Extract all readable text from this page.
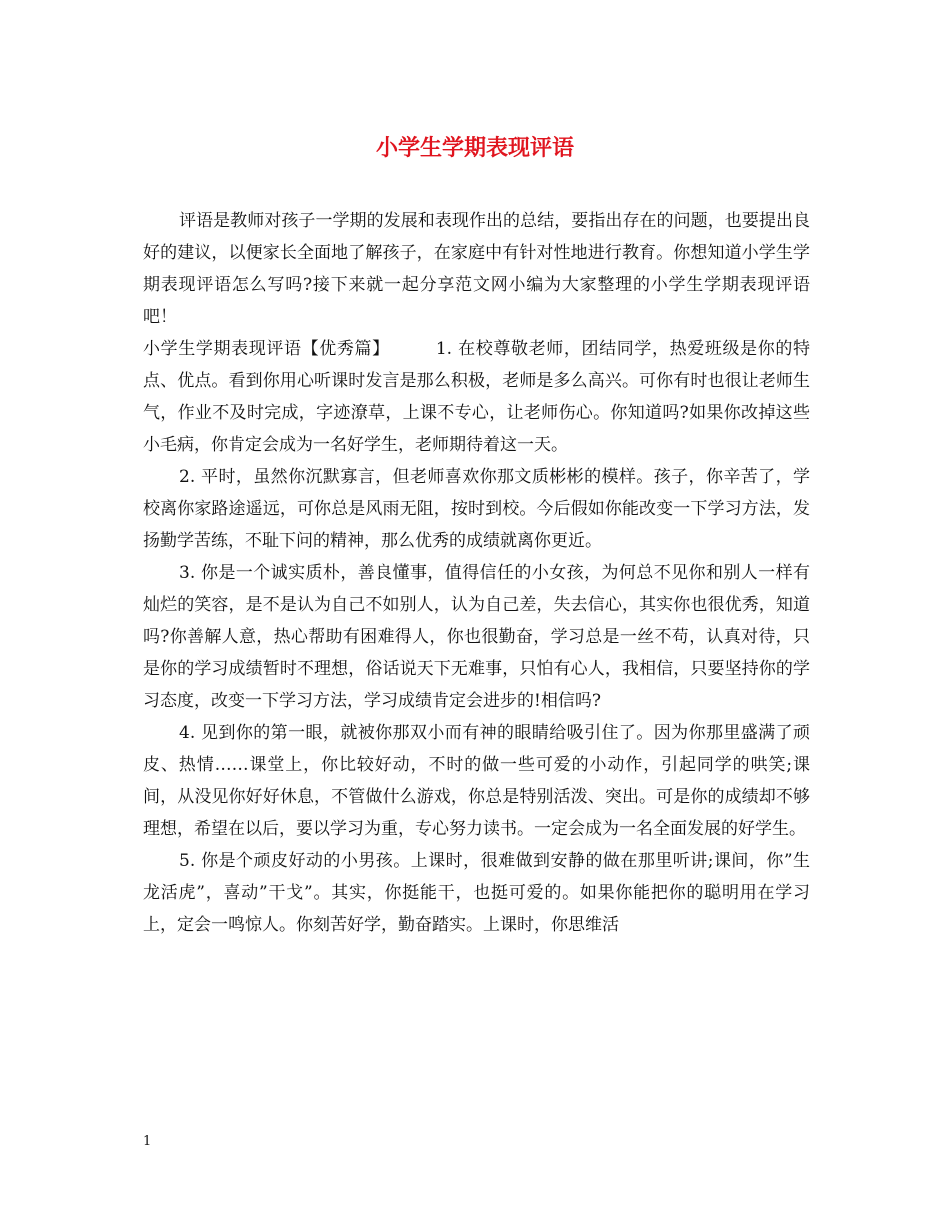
小学生学期表现评语

评语是教师对孩子一学期的发展和表现作出的总结，要指出存在的问题，也要提出良好的建议，以便家长全面地了解孩子，在家庭中有针对性地进行教育。你想知道小学生学期表现评语怎么写吗?接下来就一起分享范文网小编为大家整理的小学生学期表现评语吧！

小学生学期表现评语【优秀篇】	1. 在校尊敬老师，团结同学，热爱班级是你的特点、优点。看到你用心听课时发言是那么积极，老师是多么高兴。可你有时也很让老师生气，作业不及时完成，字迹潦草，上课不专心，让老师伤心。你知道吗?如果你改掉这些小毛病，你肯定会成为一名好学生，老师期待着这一天。

2. 平时，虽然你沉默寡言，但老师喜欢你那文质彬彬的模样。孩子，你辛苦了，学校离你家路途遥远，可你总是风雨无阻，按时到校。今后假如你能改变一下学习方法，发扬勤学苦练，不耻下问的精神，那么优秀的成绩就离你更近。

3. 你是一个诚实质朴，善良懂事，值得信任的小女孩，为何总不见你和别人一样有灿烂的笑容，是不是认为自己不如别人，认为自己差，失去信心，其实你也很优秀，知道吗?你善解人意，热心帮助有困难得人，你也很勤奋，学习总是一丝不苟，认真对待，只是你的学习成绩暂时不理想，俗话说天下无难事，只怕有心人，我相信，只要坚持你的学习态度，改变一下学习方法，学习成绩肯定会进步的!相信吗?

4. 见到你的第一眼，就被你那双小而有神的眼睛给吸引住了。因为你那里盛满了顽皮、热情……课堂上，你比较好动，不时的做一些可爱的小动作，引起同学的哄笑;课间，从没见你好好休息，不管做什么游戏，你总是特别活泼、突出。可是你的成绩却不够理想，希望在以后，要以学习为重，专心努力读书。一定会成为一名全面发展的好学生。

5. 你是个顽皮好动的小男孩。上课时，很难做到安静的做在那里听讲;课间，你”生龙活虎”，喜动”干戈”。其实，你挺能干，也挺可爱的。如果你能把你的聪明用在学习上，定会一鸣惊人。你刻苦好学，勤奋踏实。上课时，你思维活

1
